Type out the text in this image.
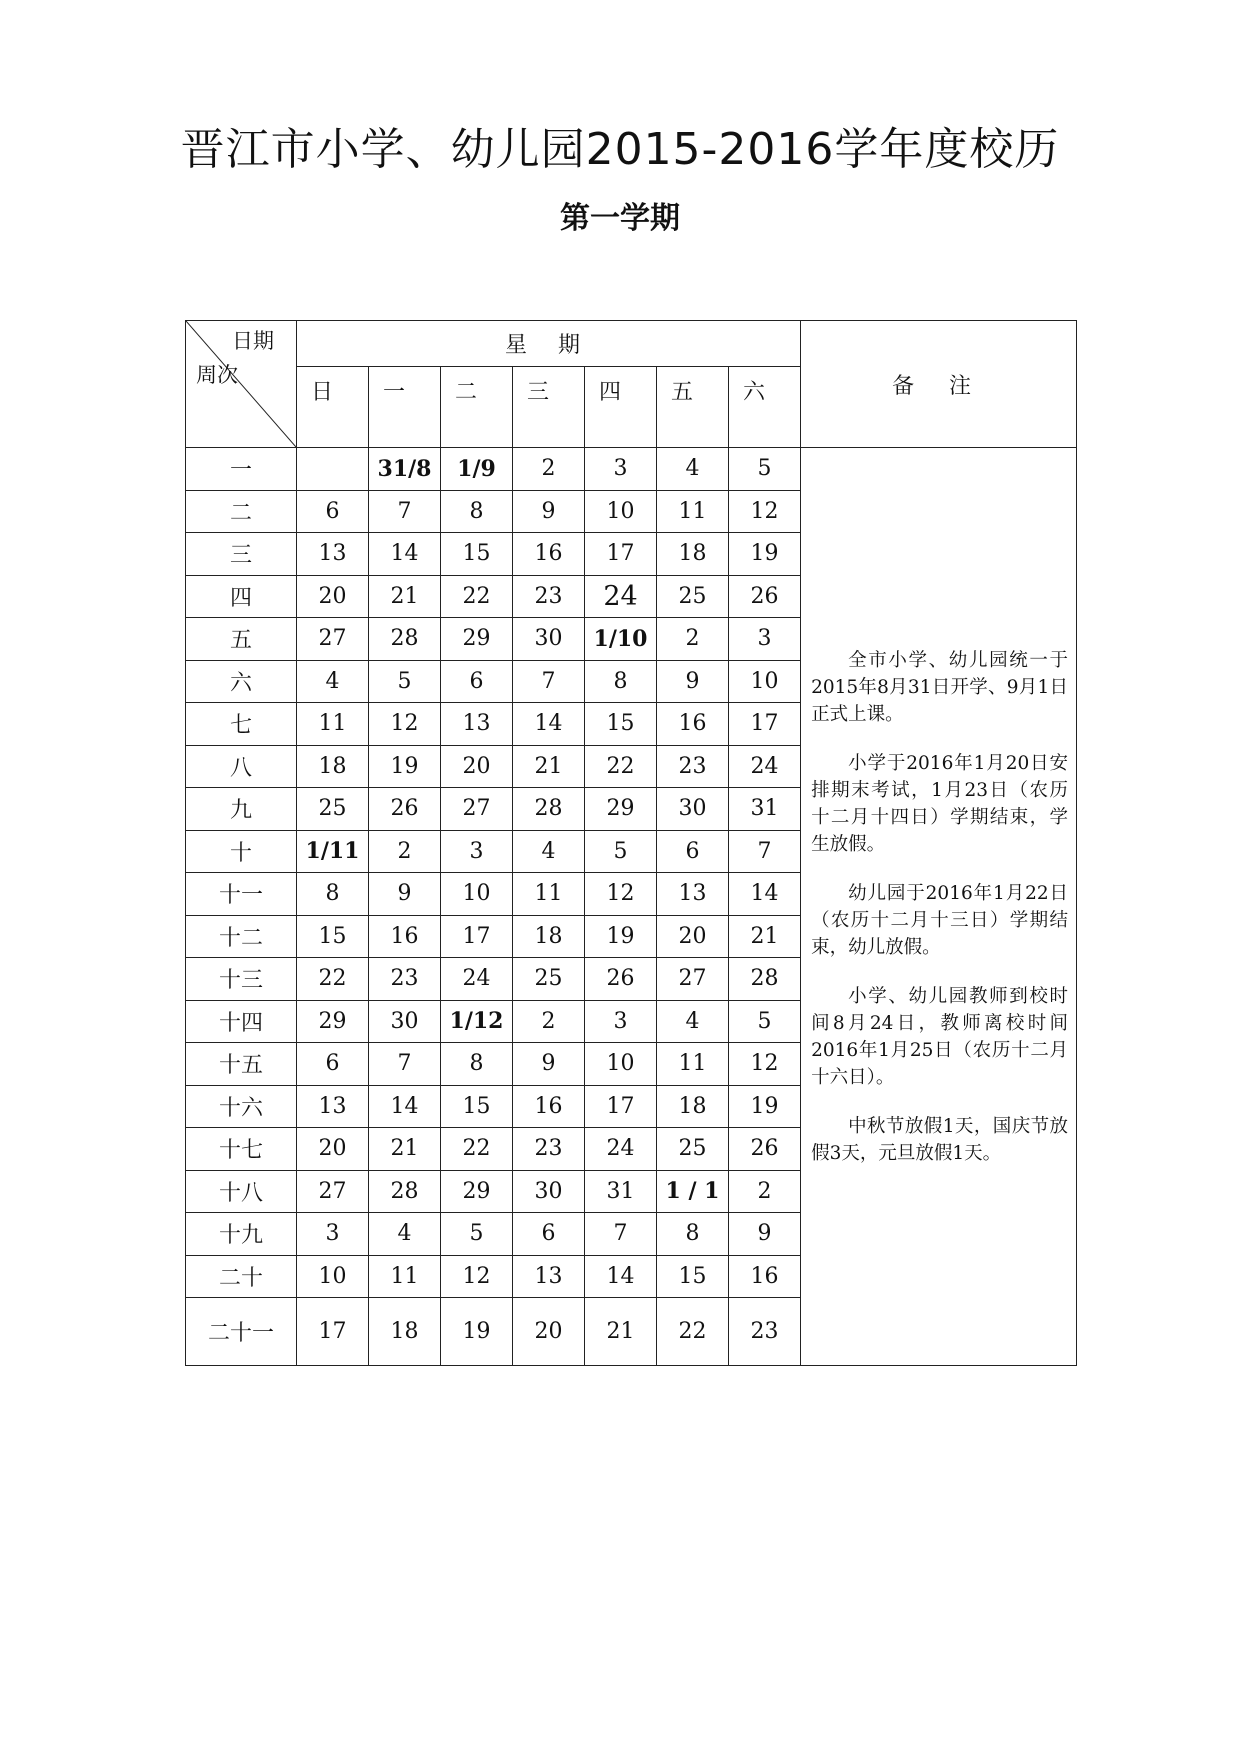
晋江市小学、幼儿园2015-2016学年度校历
第一学期
日期
周次	星 期							备 注
	日	一	二	三	四	五	六	
一		31/8	1/9	2	3	4	5	全市小学、幼儿园统一于2015年8月31日开学、9月1日正式上课。

小学于2016年1月20日安排期末考试，1月23日（农历十二月十四日）学期结束，学生放假。

幼儿园于2016年1月22日（农历十二月十三日）学期结束，幼儿放假。

小学、幼儿园教师到校时间8月24日，教师离校时间2016年1月25日（农历十二月十六日）。

中秋节放假1天，国庆节放假3天，元旦放假1天。

二	6	7	8	9	10	11	12	
三	13	14	15	16	17	18	19	
四	20	21	22	23	24	25	26	
五	27	28	29	30	1/10	2	3	
六	4	5	6	7	8	9	10	
七	11	12	13	14	15	16	17	
八	18	19	20	21	22	23	24	
九	25	26	27	28	29	30	31	
十	1/11	2	3	4	5	6	7	
十一	8	9	10	11	12	13	14	
十二	15	16	17	18	19	20	21	
十三	22	23	24	25	26	27	28	
十四	29	30	1/12	2	3	4	5	
十五	6	7	8	9	10	11	12	
十六	13	14	15	16	17	18	19	
十七	20	21	22	23	24	25	26	
十八	27	28	29	30	31	1 / 1	2	
十九	3	4	5	6	7	8	9	
二十	10	11	12	13	14	15	16	
二十一	17	18	19	20	21	22	23	
